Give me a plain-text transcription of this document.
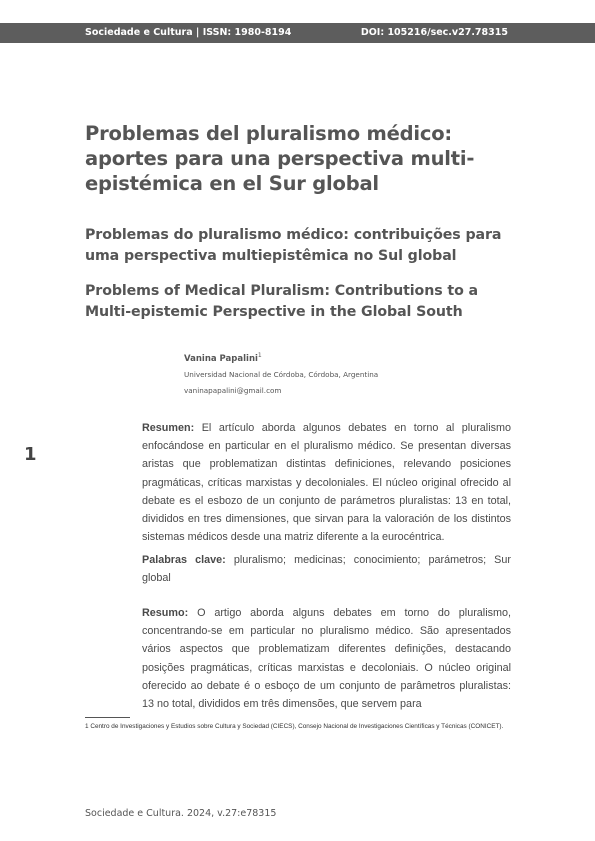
Sociedade e Cultura | ISSN: 1980-8194	DOI: 105216/sec.v27.78315
Problemas del pluralismo médico: aportes para una perspectiva multi-epistémica en el Sur global
Problemas do pluralismo médico: contribuições para uma perspectiva multiepistêmica no Sul global
Problems of Medical Pluralism: Contributions to a Multi-epistemic Perspective in the Global South
Vanina Papalini$^1$
Universidad Nacional de Córdoba, Córdoba, Argentina
vaninapapalini@gmail.com
1

Resumen: El artículo aborda algunos debates en torno al pluralismo enfocándose en particular en el pluralismo médico. Se presentan diversas aristas que problematizan distintas definiciones, relevando posiciones pragmáticas, críticas marxistas y decoloniales. El núcleo original ofrecido al debate es el esbozo de un conjunto de parámetros pluralistas: 13 en total, divididos en tres dimensiones, que sirvan para la valoración de los distintos sistemas médicos desde una matriz diferente a la eurocéntrica.

Palabras clave: pluralismo; medicinas; conocimiento; parámetros; Sur global

Resumo: O artigo aborda alguns debates em torno do pluralismo, concentrando-se em particular no pluralismo médico. São apresentados vários aspectos que problematizam diferentes definições, destacando posições pragmáticas, críticas marxistas e decoloniais. O núcleo original oferecido ao debate é o esboço de um conjunto de parâmetros pluralistas: 13 no total, divididos em três dimensões, que servem para

1 Centro de Investigaciones y Estudios sobre Cultura y Sociedad (CIECS), Consejo Nacional de Investigaciones Científicas y Técnicas (CONICET).

Sociedade e Cultura. 2024, v.27:e78315
